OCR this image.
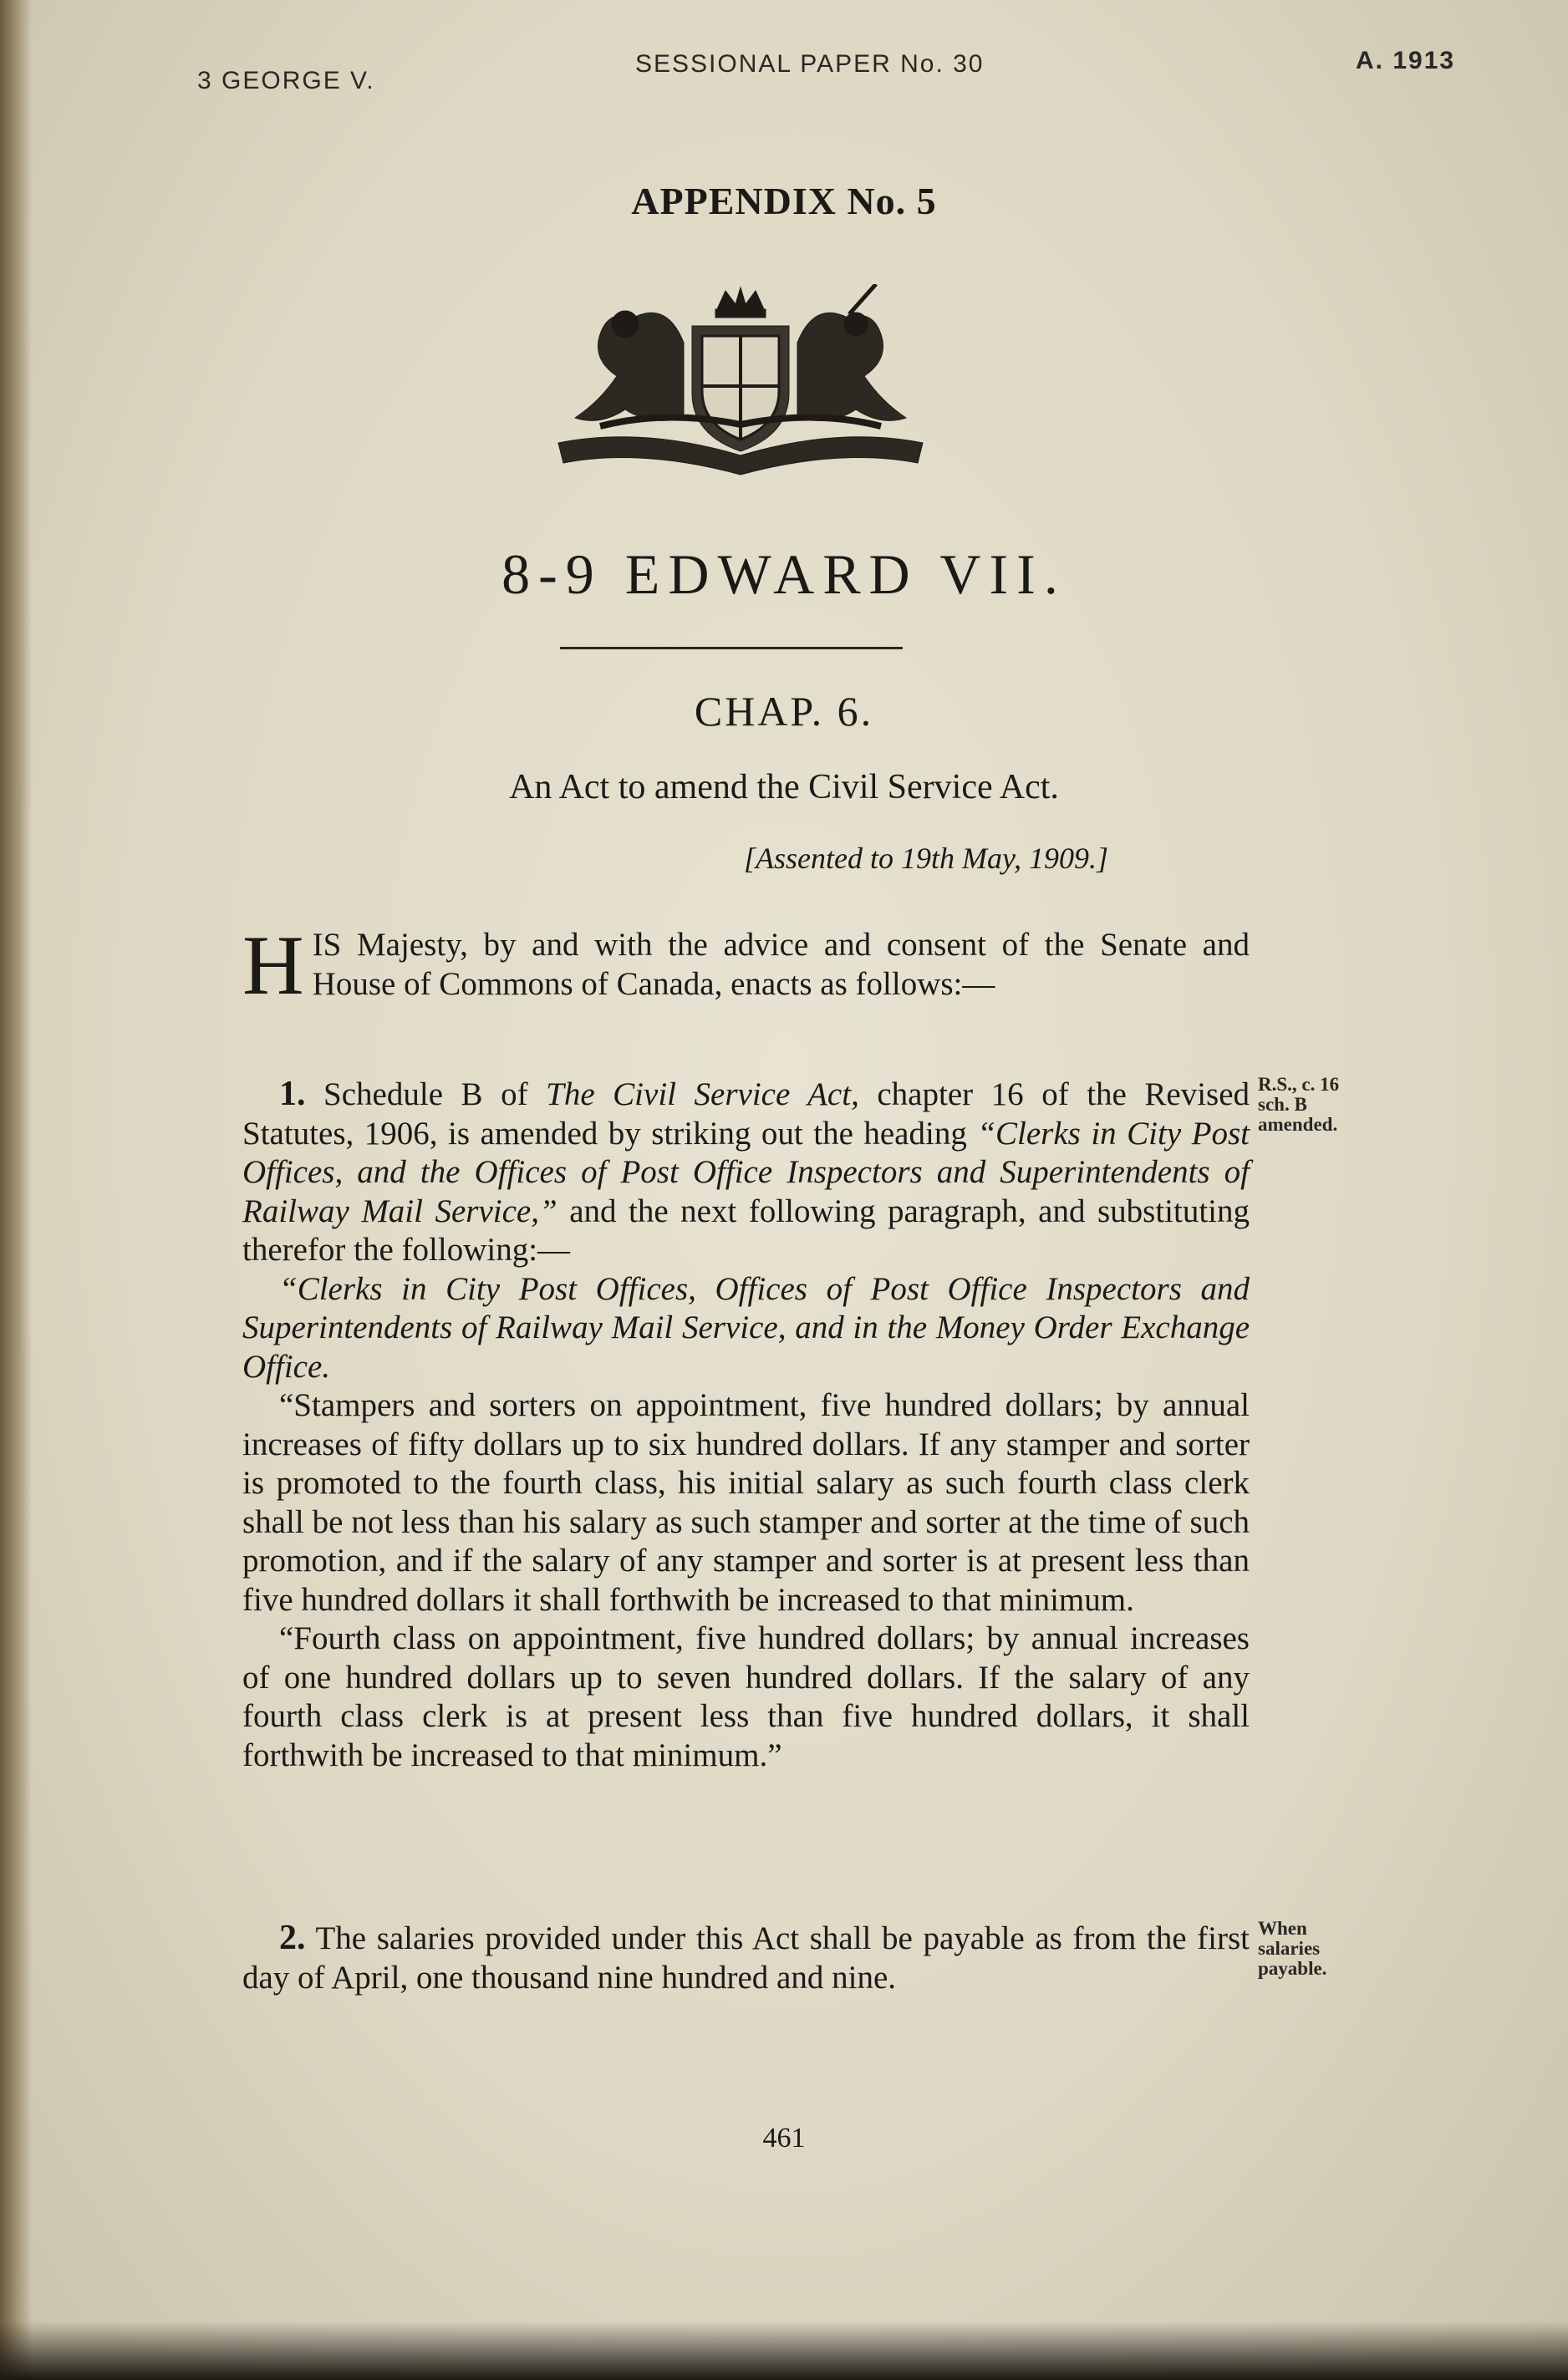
3 GEORGE V.
SESSIONAL PAPER No. 30	A. 1913
APPENDIX No. 5
8-9 EDWARD VII.
CHAP. 6.
An Act to amend the Civil Service Act.
[Assented to 19th May, 1909.]

H IS Majesty, by and with the advice and consent of the Senate and House of Commons of Canada, enacts as follows:—

1. Schedule B of The Civil Service Act, chapter 16 of the Revised Statutes, 1906, is amended by striking out the heading “Clerks in City Post Offices, and the Offices of Post Office Inspectors and Superintendents of Railway Mail Service,” and the next following paragraph, and substituting therefor the following:—

“Clerks in City Post Offices, Offices of Post Office Inspectors and Superintendents of Railway Mail Service, and in the Money Order Exchange Office.

“Stampers and sorters on appointment, five hundred dollars; by annual increases of fifty dollars up to six hundred dollars. If any stamper and sorter is promoted to the fourth class, his initial salary as such fourth class clerk shall be not less than his salary as such stamper and sorter at the time of such promotion, and if the salary of any stamper and sorter is at present less than five hundred dollars it shall forthwith be increased to that minimum.

“Fourth class on appointment, five hundred dollars; by annual increases of one hundred dollars up to seven hundred dollars. If the salary of any fourth class clerk is at present less than five hundred dollars, it shall forthwith be increased to that minimum.”

R.S., c. 16
sch. B
amended.

2. The salaries provided under this Act shall be payable as from the first day of April, one thousand nine hundred and nine.

When
salaries
payable.
461
